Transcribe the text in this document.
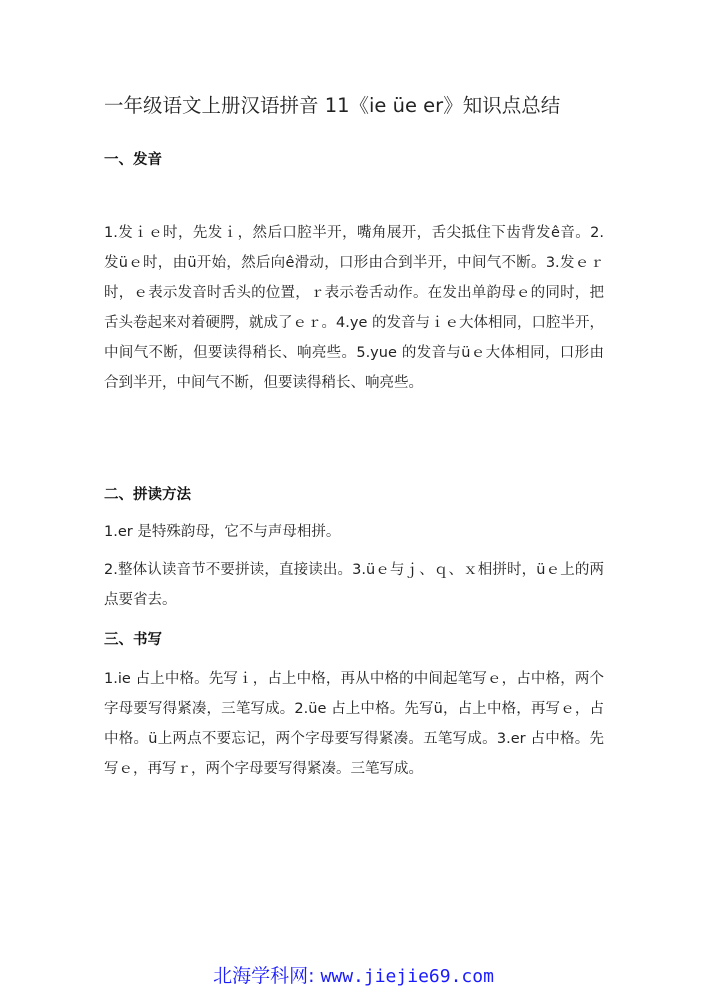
一年级语文上册汉语拼音 11《ie üe er》知识点总结
一、发音
1.发ｉｅ时，先发ｉ，然后口腔半开，嘴角展开，舌尖抵住下齿背发ê音。2.发üｅ时，由ü开始，然后向ê滑动，口形由合到半开，中间气不断。3.发ｅｒ时，ｅ表示发音时舌头的位置，ｒ表示卷舌动作。在发出单韵母ｅ的同时，把舌头卷起来对着硬腭，就成了ｅｒ。4.ye 的发音与ｉｅ大体相同，口腔半开，中间气不断，但要读得稍长、响亮些。5.yue 的发音与üｅ大体相同，口形由合到半开，中间气不断，但要读得稍长、响亮些。
二、拼读方法
1.er 是特殊韵母，它不与声母相拼。
2.整体认读音节不要拼读，直接读出。3.üｅ与ｊ、ｑ、ｘ相拼时，üｅ上的两点要省去。
三、书写
1.ie 占上中格。先写ｉ，占上中格，再从中格的中间起笔写ｅ，占中格，两个字母要写得紧凑，三笔写成。2.üe 占上中格。先写ü，占上中格，再写ｅ，占中格。ü上两点不要忘记，两个字母要写得紧凑。五笔写成。3.er 占中格。先写ｅ，再写ｒ，两个字母要写得紧凑。三笔写成。
北海学科网: www.jiejie69.com
